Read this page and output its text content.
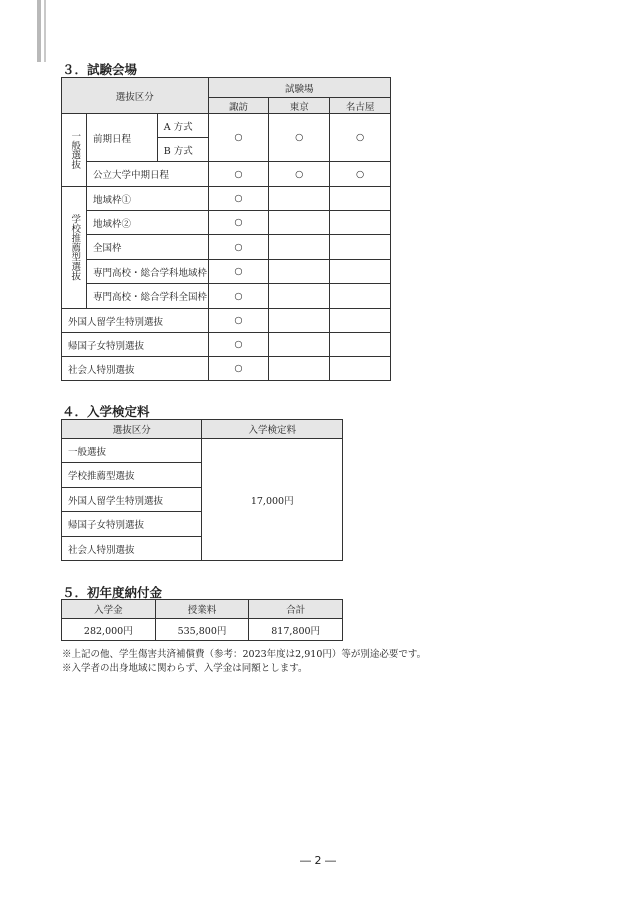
３．試験会場
選抜区分			試験場		
			諏訪	東京	名古屋

一般選抜	前期日程	A 方式	○	○	○
		B 方式			
	公立大学中期日程		○	○	○

学校推薦型選抜	地域枠①		○		
	地域枠②		○		
	全国枠		○		
	専門高校・総合学科地域枠		○		
	専門高校・総合学科全国枠		○		
外国人留学生特別選抜			○		
帰国子女特別選抜			○		
社会人特別選抜			○		
４．入学検定料
選抜区分	入学検定料
一般選抜	17,000円
学校推薦型選抜	
外国人留学生特別選抜	
帰国子女特別選抜	
社会人特別選抜	
５．初年度納付金
入学金	授業料	合計
282,000円	535,800円	817,800円

※上記の他、学生傷害共済補償費（参考：2023年度は2,910円）等が別途必要です。

※入学者の出身地域に関わらず、入学金は同額とします。

― 2 ―
